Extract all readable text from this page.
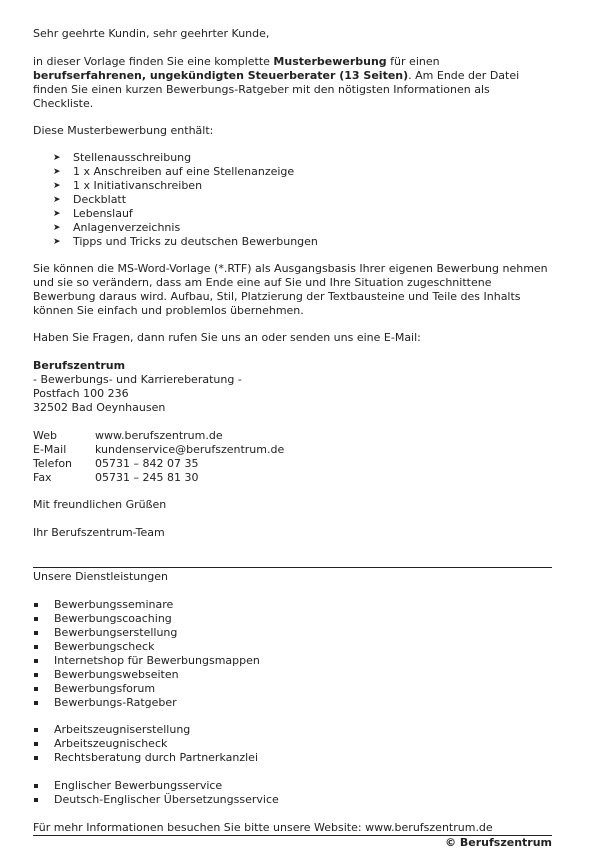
Sehr geehrte Kundin, sehr geehrter Kunde,

in dieser Vorlage finden Sie eine komplette Musterbewerbung für einen berufserfahrenen, ungekündigten Steuerberater (13 Seiten). Am Ende der Datei finden Sie einen kurzen Bewerbungs-Ratgeber mit den nötigsten Informationen als Checkliste.

Diese Musterbewerbung enthält:

➤ Stellenausschreibung
➤ 1 x Anschreiben auf eine Stellenanzeige
➤ 1 x Initiativanschreiben
➤ Deckblatt
➤ Lebenslauf
➤ Anlagenverzeichnis
➤ Tipps und Tricks zu deutschen Bewerbungen

Sie können die MS-Word-Vorlage (*.RTF) als Ausgangsbasis Ihrer eigenen Bewerbung nehmen und sie so verändern, dass am Ende eine auf Sie und Ihre Situation zugeschnittene Bewerbung daraus wird. Aufbau, Stil, Platzierung der Textbausteine und Teile des Inhalts können Sie einfach und problemlos übernehmen.

Haben Sie Fragen, dann rufen Sie uns an oder senden uns eine E-Mail:

Berufszentrum

- Bewerbungs- und Karriereberatung -

Postfach 100 236

32502 Bad Oeynhausen

Web	www.berufszentrum.de
E-Mail	kundenservice@berufszentrum.de
Telefon	05731 – 842 07 35
Fax	05731 – 245 81 30

Mit freundlichen Grüßen

Ihr Berufszentrum-Team

Unsere Dienstleistungen

Bewerbungsseminare
Bewerbungscoaching
Bewerbungserstellung
Bewerbungscheck
Internetshop für Bewerbungsmappen
Bewerbungswebseiten
Bewerbungsforum
Bewerbungs-Ratgeber
Arbeitszeugniserstellung
Arbeitszeugnischeck
Rechtsberatung durch Partnerkanzlei
Englischer Bewerbungsservice
Deutsch-Englischer Übersetzungsservice

Für mehr Informationen besuchen Sie bitte unsere Website: www.berufszentrum.de

© Berufszentrum
